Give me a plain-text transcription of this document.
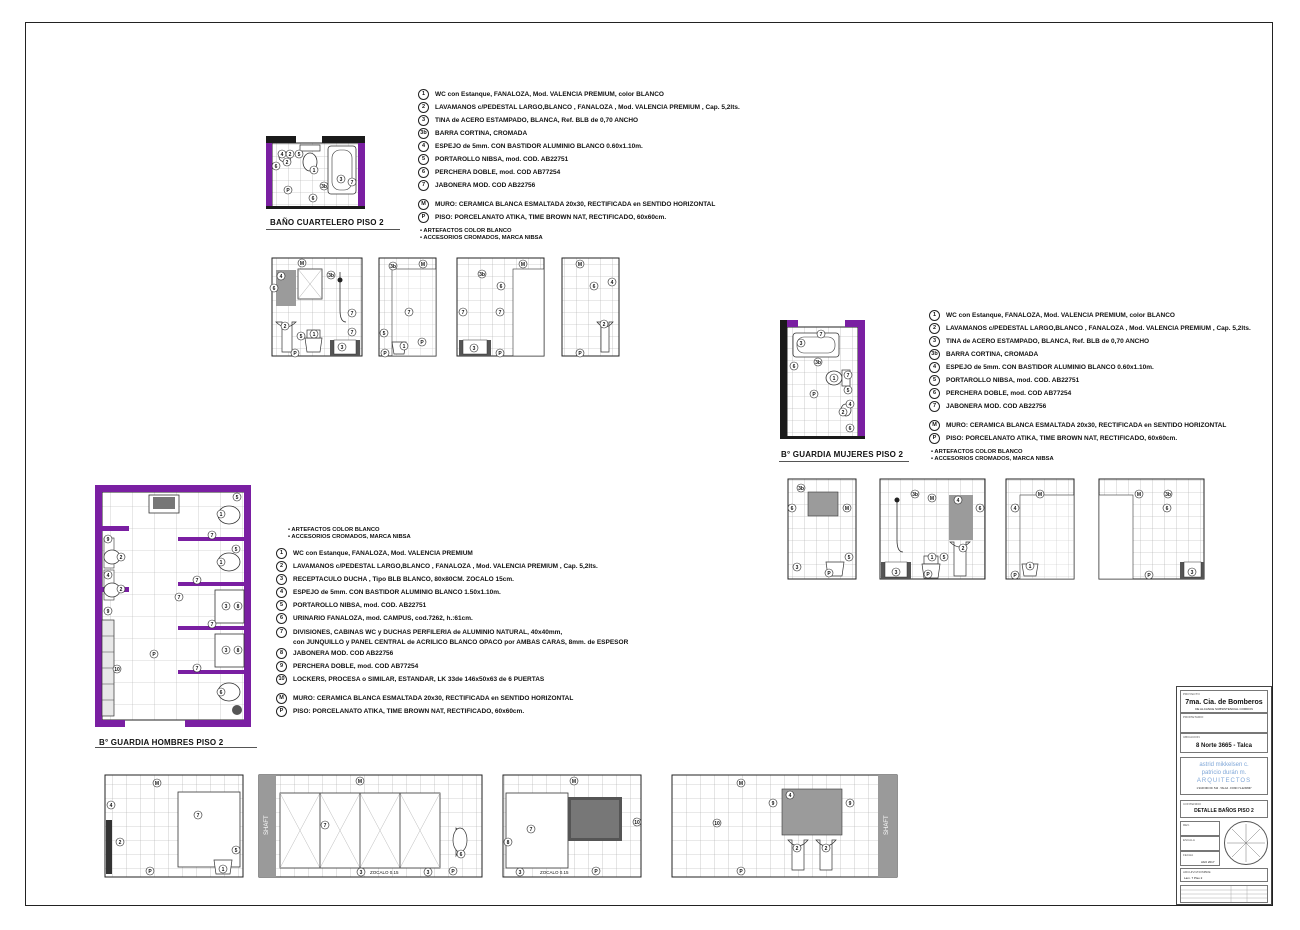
4 2 5
2
6
1
3 7
3b
P
6
4
6
3b
7
2
1
5
7
3
P
M	3b	M
7
5
1
P
P
3b
6
7
7
3
P
M	M
4
6
2
P
7
3
3b
6
1 7
5
P
4
2
6
3b
6	M
5
3
P
3b
M	4
6
2
1 5
3	P
4
M
1
P
M	3b
6
P	3
5
1
7
9
2
5
1
4
2
7
7
3 8
9
7
P
3 8
10	7
6
M
4
7
2
5
1
P
M
7
6
3	3	P
M
7
10
8
3	P
M
4
9	9
10
2	2
P
BAÑO CUARTELERO PISO 2
B° GUARDIA MUJERES PISO 2
B° GUARDIA HOMBRES PISO 2
SHAFT	SHAFT
ZOCALO 0.15	ZOCALO 0.15
1	WC con Estanque, FANALOZA, Mod. VALENCIA PREMIUM, color BLANCO
2	LAVAMANOS c/PEDESTAL LARGO,BLANCO , FANALOZA , Mod. VALENCIA PREMIUM , Cap. 5,2lts.
3	TINA de ACERO ESTAMPADO, BLANCA, Ref. BLB de 0,70 ANCHO
3b	BARRA CORTINA, CROMADA
4	ESPEJO de 5mm. CON BASTIDOR ALUMINIO BLANCO 0.60x1.10m.
5	PORTAROLLO NIBSA, mod. COD. AB22751
6	PERCHERA DOBLE, mod. COD AB77254
7	JABONERA MOD. COD AB22756
M	MURO: CERAMICA BLANCA ESMALTADA 20x30, RECTIFICADA en SENTIDO HORIZONTAL
P	PISO: PORCELANATO ATIKA, TIME BROWN NAT, RECTIFICADO, 60x60cm.
• ARTEFACTOS COLOR BLANCO
• ACCESORIOS CROMADOS, MARCA NIBSA
1	WC con Estanque, FANALOZA, Mod. VALENCIA PREMIUM, color BLANCO
2	LAVAMANOS c/PEDESTAL LARGO,BLANCO , FANALOZA , Mod. VALENCIA PREMIUM , Cap. 5,2lts.
3	TINA de ACERO ESTAMPADO, BLANCA, Ref. BLB de 0,70 ANCHO
3b	BARRA CORTINA, CROMADA
4	ESPEJO de 5mm. CON BASTIDOR ALUMINIO BLANCO 0.60x1.10m.
5	PORTAROLLO NIBSA, mod. COD. AB22751
6	PERCHERA DOBLE, mod. COD AB77254
7	JABONERA MOD. COD AB22756
M	MURO: CERAMICA BLANCA ESMALTADA 20x30, RECTIFICADA en SENTIDO HORIZONTAL
P	PISO: PORCELANATO ATIKA, TIME BROWN NAT, RECTIFICADO, 60x60cm.
• ARTEFACTOS COLOR BLANCO
• ACCESORIOS CROMADOS, MARCA NIBSA
• ARTEFACTOS COLOR BLANCO
• ACCESORIOS CROMADOS, MARCA NIBSA
1	WC con Estanque, FANALOZA, Mod. VALENCIA PREMIUM
2	LAVAMANOS c/PEDESTAL LARGO,BLANCO , FANALOZA , Mod. VALENCIA PREMIUM , Cap. 5,2lts.
3	RECEPTACULO DUCHA , Tipo BLB BLANCO, 80x80CM. ZOCALO 15cm.
4	ESPEJO de 5mm. CON BASTIDOR ALUMINIO BLANCO 1.50x1.10m.
5	PORTAROLLO NIBSA, mod. COD. AB22751
6	URINARIO FANALOZA, mod. CAMPUS, cod.7262, h.:61cm.
7	DIVISIONES, CABINAS WC y DUCHAS PERFILERIA de ALUMINIO NATURAL, 40x40mm,
con JUNQUILLO y PANEL CENTRAL de ACRILICO BLANCO OPACO por AMBAS CARAS, 8mm. de ESPESOR
8	JABONERA MOD. COD AB22756
9	PERCHERA DOBLE, mod. COD AB77254
10	LOCKERS, PROCESA o SIMILAR, ESTANDAR, LK 33de 146x50x63 de 6 PUERTAS
M	MURO: CERAMICA BLANCA ESMALTADA 20x30, RECTIFICADA en SENTIDO HORIZONTAL
P	PISO: PORCELANATO ATIKA, TIME BROWN NAT, RECTIFICADO, 60x60cm.
PROYECTO
7ma. Cia. de Bomberos
DE ALCANCE SUBSISTENCIAL CORDON
PROPIETARIO
UBICACION
8 Norte 3665 - Talca
astrid mikkelsen c.
patricio durán m.
ARQUITECTOS
1 SUR 690 OF. 510 · TALCA · FONO 71-2234567
CONTENIDO
DETALLE BAÑOS PISO 2
REV.
ESCALA
FECHA
Abril 2017
ARCHIVO/NOMBRE
Lam. 7 Piso 2
